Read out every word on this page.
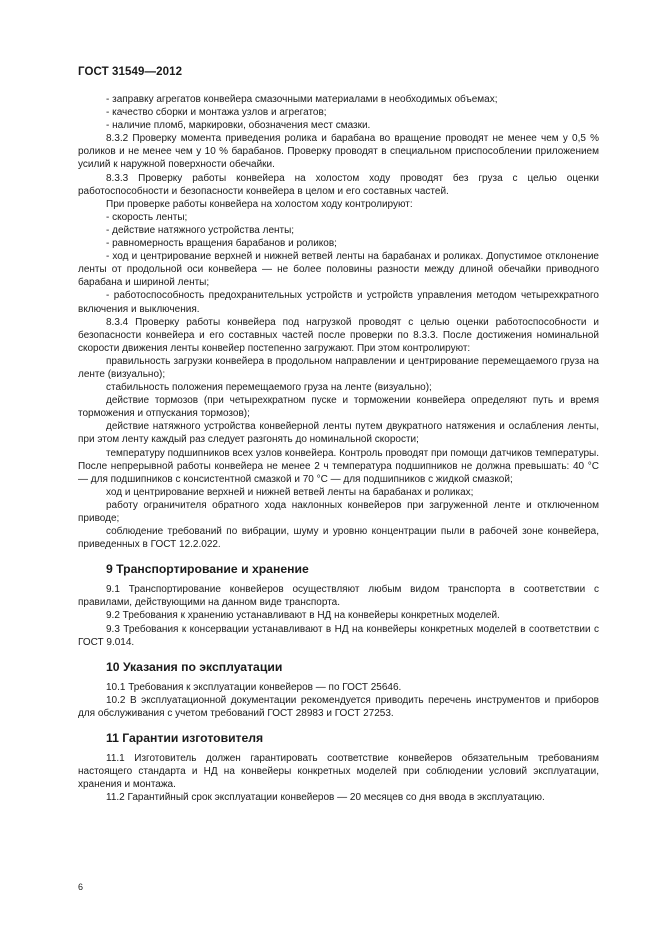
ГОСТ 31549—2012

- заправку агрегатов конвейера смазочными материалами в необходимых объемах;

- качество сборки и монтажа узлов и агрегатов;

- наличие пломб, маркировки, обозначения мест смазки.

8.3.2 Проверку момента приведения ролика и барабана во вращение проводят не менее чем у 0,5 % роликов и не менее чем у 10 % барабанов. Проверку проводят в специальном приспособлении приложением усилий к наружной поверхности обечайки.

8.3.3 Проверку работы конвейера на холостом ходу проводят без груза с целью оценки работоспособности и безопасности конвейера в целом и его составных частей.

При проверке работы конвейера на холостом ходу контролируют:

- скорость ленты;

- действие натяжного устройства ленты;

- равномерность вращения барабанов и роликов;

- ход и центрирование верхней и нижней ветвей ленты на барабанах и роликах. Допустимое отклонение ленты от продольной оси конвейера — не более половины разности между длиной обечайки приводного барабана и шириной ленты;

- работоспособность предохранительных устройств и устройств управления методом четырехкратного включения и выключения.

8.3.4 Проверку работы конвейера под нагрузкой проводят с целью оценки работоспособности и безопасности конвейера и его составных частей после проверки по 8.3.3. После достижения номинальной скорости движения ленты конвейер постепенно загружают. При этом контролируют:

правильность загрузки конвейера в продольном направлении и центрирование перемещаемого груза на ленте (визуально);

стабильность положения перемещаемого груза на ленте (визуально);

действие тормозов (при четырехкратном пуске и торможении конвейера определяют путь и время торможения и отпускания тормозов);

действие натяжного устройства конвейерной ленты путем двукратного натяжения и ослабления ленты, при этом ленту каждый раз следует разгонять до номинальной скорости;

температуру подшипников всех узлов конвейера. Контроль проводят при помощи датчиков температуры. После непрерывной работы конвейера не менее 2 ч температура подшипников не должна превышать: 40 °C — для подшипников с консистентной смазкой и 70 °C — для подшипников с жидкой смазкой;

ход и центрирование верхней и нижней ветвей ленты на барабанах и роликах;

работу ограничителя обратного хода наклонных конвейеров при загруженной ленте и отключенном приводе;

соблюдение требований по вибрации, шуму и уровню концентрации пыли в рабочей зоне конвейера, приведенных в ГОСТ 12.2.022.

9 Транспортирование и хранение

9.1 Транспортирование конвейеров осуществляют любым видом транспорта в соответствии с правилами, действующими на данном виде транспорта.

9.2 Требования к хранению устанавливают в НД на конвейеры конкретных моделей.

9.3 Требования к консервации устанавливают в НД на конвейеры конкретных моделей в соответствии с ГОСТ 9.014.

10 Указания по эксплуатации

10.1 Требования к эксплуатации конвейеров — по ГОСТ 25646.

10.2 В эксплуатационной документации рекомендуется приводить перечень инструментов и приборов для обслуживания с учетом требований ГОСТ 28983 и ГОСТ 27253.

11 Гарантии изготовителя

11.1 Изготовитель должен гарантировать соответствие конвейеров обязательным требованиям настоящего стандарта и НД на конвейеры конкретных моделей при соблюдении условий эксплуатации, хранения и монтажа.

11.2 Гарантийный срок эксплуатации конвейеров — 20 месяцев со дня ввода в эксплуатацию.

6
